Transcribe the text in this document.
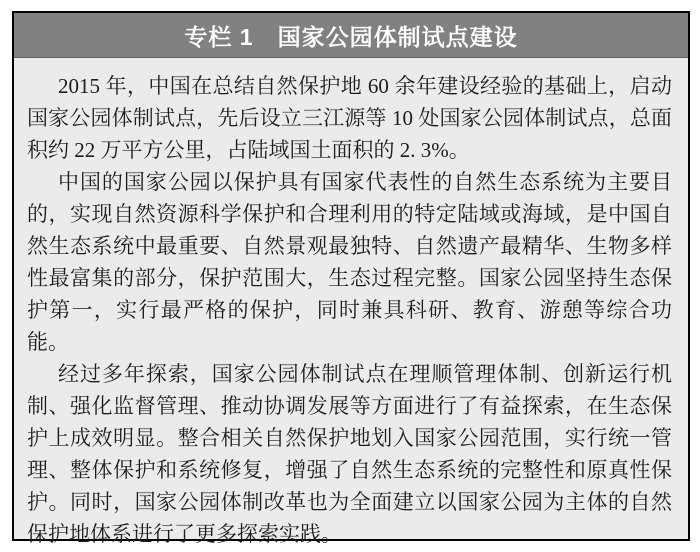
专栏 1　国家公园体制试点建设

2015 年，中国在总结自然保护地 60 余年建设经验的基础上，启动国家公园体制试点，先后设立三江源等 10 处国家公园体制试点，总面积约 22 万平方公里，占陆域国土面积的 2. 3%。

中国的国家公园以保护具有国家代表性的自然生态系统为主要目的，实现自然资源科学保护和合理利用的特定陆域或海域，是中国自然生态系统中最重要、自然景观最独特、自然遗产最精华、生物多样性最富集的部分，保护范围大，生态过程完整。国家公园坚持生态保护第一，实行最严格的保护，同时兼具科研、教育、游憩等综合功能。

经过多年探索，国家公园体制试点在理顺管理体制、创新运行机制、强化监督管理、推动协调发展等方面进行了有益探索，在生态保护上成效明显。整合相关自然保护地划入国家公园范围，实行统一管理、整体保护和系统修复，增强了自然生态系统的完整性和原真性保护。同时，国家公园体制改革也为全面建立以国家公园为主体的自然保护地体系进行了更多探索实践。
